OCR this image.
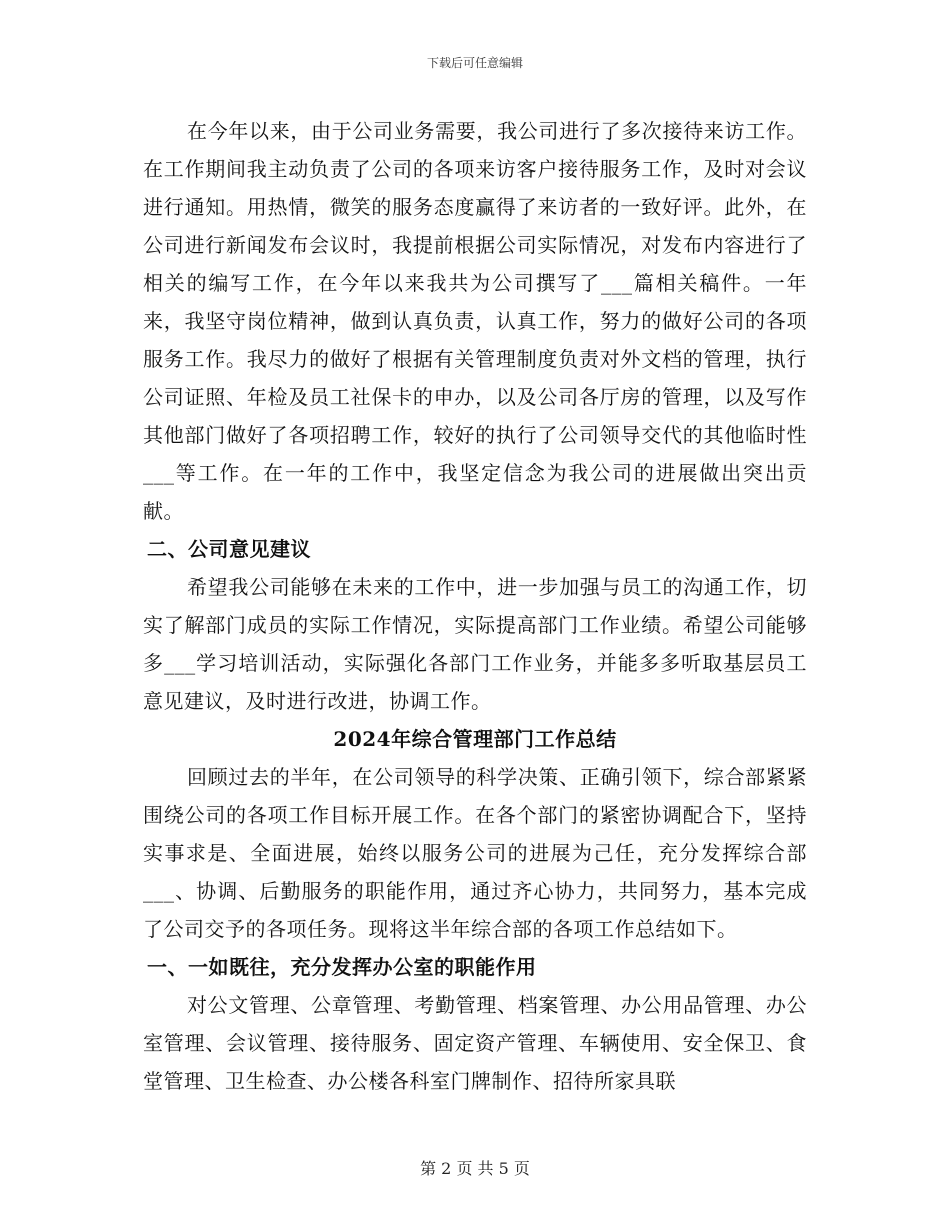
下载后可任意编辑

在今年以来，由于公司业务需要，我公司进行了多次接待来访工作。在工作期间我主动负责了公司的各项来访客户接待服务工作，及时对会议进行通知。用热情，微笑的服务态度赢得了来访者的一致好评。此外，在公司进行新闻发布会议时，我提前根据公司实际情况，对发布内容进行了相关的编写工作，在今年以来我共为公司撰写了___篇相关稿件。一年来，我坚守岗位精神，做到认真负责，认真工作，努力的做好公司的各项服务工作。我尽力的做好了根据有关管理制度负责对外文档的管理，执行公司证照、年检及员工社保卡的申办，以及公司各厅房的管理，以及写作其他部门做好了各项招聘工作，较好的执行了公司领导交代的其他临时性___等工作。在一年的工作中，我坚定信念为我公司的进展做出突出贡献。

二、公司意见建议

希望我公司能够在未来的工作中，进一步加强与员工的沟通工作，切实了解部门成员的实际工作情况，实际提高部门工作业绩。希望公司能够多___学习培训活动，实际强化各部门工作业务，并能多多听取基层员工意见建议，及时进行改进，协调工作。

2024年综合管理部门工作总结

回顾过去的半年，在公司领导的科学决策、正确引领下，综合部紧紧围绕公司的各项工作目标开展工作。在各个部门的紧密协调配合下，坚持实事求是、全面进展，始终以服务公司的进展为己任，充分发挥综合部___、协调、后勤服务的职能作用，通过齐心协力，共同努力，基本完成了公司交予的各项任务。现将这半年综合部的各项工作总结如下。

一、一如既往，充分发挥办公室的职能作用

对公文管理、公章管理、考勤管理、档案管理、办公用品管理、办公室管理、会议管理、接待服务、固定资产管理、车辆使用、安全保卫、食堂管理、卫生检查、办公楼各科室门牌制作、招待所家具联

第 2 页 共 5 页
